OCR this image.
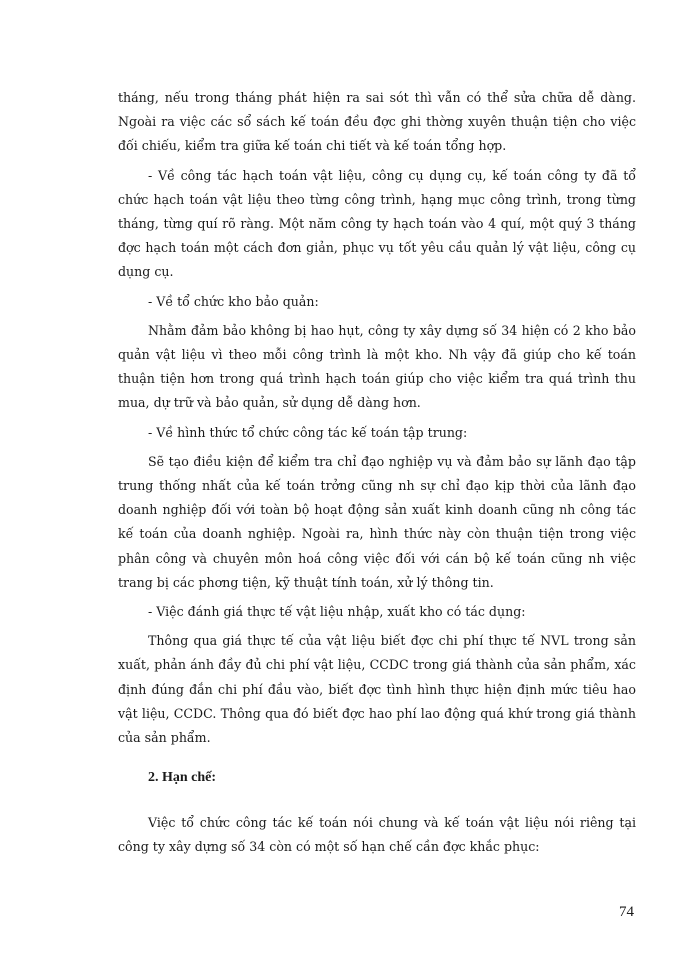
tháng, nếu trong tháng phát hiện ra sai sót thì vẫn có thể sửa chữa dễ dàng. Ngoài ra việc các sổ sách kế toán đều đợc ghi thờng xuyên thuận tiện cho việc đối chiếu, kiểm tra giữa kế toán chi tiết và kế toán tổng hợp.

- Về công tác hạch toán vật liệu, công cụ dụng cụ, kế toán công ty đã tổ chức hạch toán vật liệu theo từng công trình, hạng mục công trình, trong từng tháng, từng quí rõ ràng. Một năm công ty hạch toán vào 4 quí, một quý 3 tháng đợc hạch toán một cách đơn giản, phục vụ tốt yêu cầu quản lý vật liệu, công cụ dụng cụ.

- Về tổ chức kho bảo quản:

Nhằm đảm bảo không bị hao hụt, công ty xây dựng số 34 hiện có 2 kho bảo quản vật liệu vì theo mỗi công trình là một kho. Nh vậy đã giúp cho kế toán thuận tiện hơn trong quá trình hạch toán giúp cho việc kiểm tra quá trình thu mua, dự trữ và bảo quản, sử dụng dễ dàng hơn.

- Về hình thức tổ chức công tác kế toán tập trung:

Sẽ tạo điều kiện để kiểm tra chỉ đạo nghiệp vụ và đảm bảo sự lãnh đạo tập trung thống nhất của kế toán trởng cũng nh sự chỉ đạo kịp thời của lãnh đạo doanh nghiệp đối với toàn bộ hoạt động sản xuất kinh doanh cũng nh công tác kế toán của doanh nghiệp. Ngoài ra, hình thức này còn thuận tiện trong việc phân công và chuyên môn hoá công việc đối với cán bộ kế toán cũng nh việc trang bị các phơng tiện, kỹ thuật tính toán, xử lý thông tin.

- Việc đánh giá thực tế vật liệu nhập, xuất kho có tác dụng:

Thông qua giá thực tế của vật liệu biết đợc chi phí thực tế NVL trong sản xuất, phản ánh đầy đủ chi phí vật liệu, CCDC trong giá thành của sản phẩm, xác định đúng đắn chi phí đầu vào, biết đợc tình hình thực hiện định mức tiêu hao vật liệu, CCDC. Thông qua đó biết đợc hao phí lao động quá khứ trong giá thành của sản phẩm.

2. Hạn chế:

Việc tổ chức công tác kế toán nói chung và kế toán vật liệu nói riêng tại công ty xây dựng số 34 còn có một số hạn chế cần đợc khắc phục:

74
